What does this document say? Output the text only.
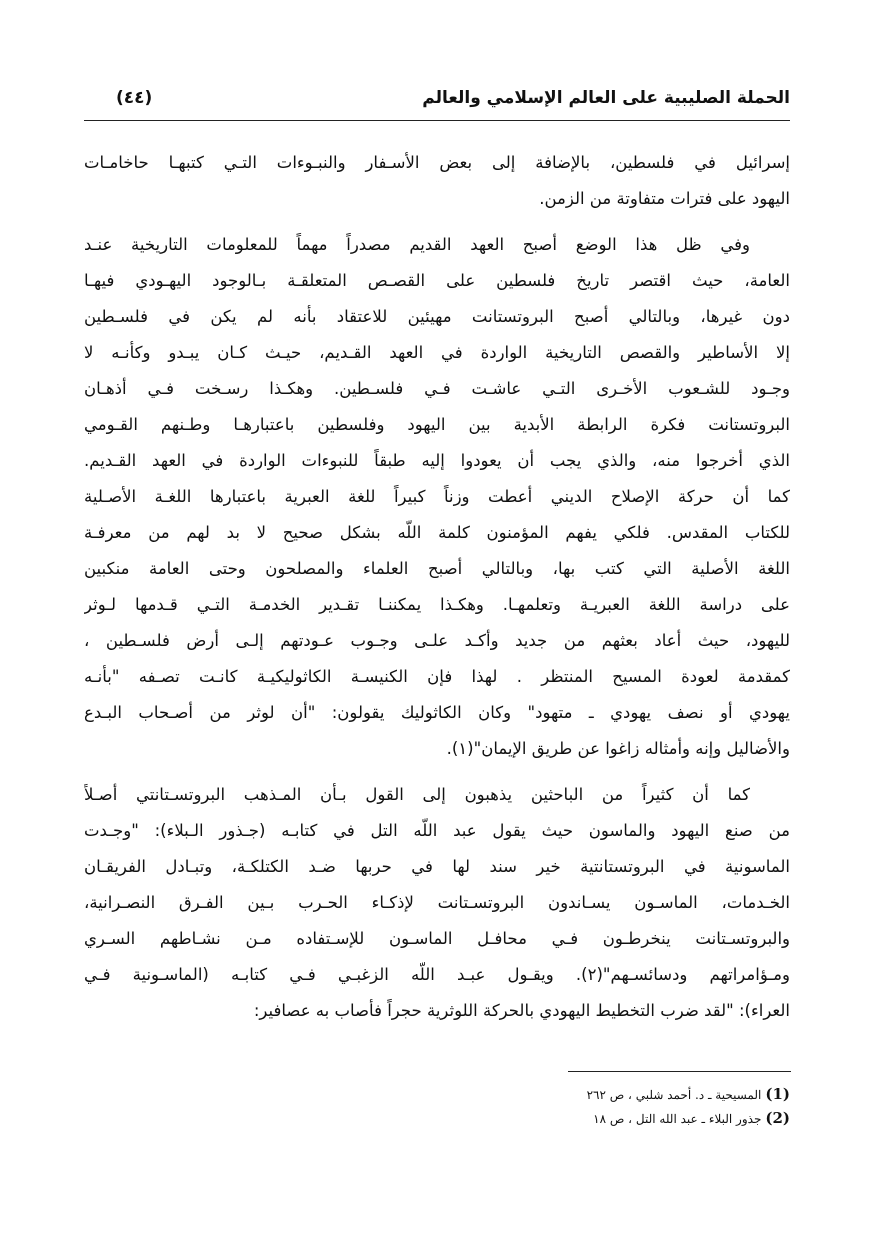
الحملة الصليبية على العالم الإسلامي والعالم
(٤٤)
إسرائيل في فلسطين، بالإضافة إلى بعض الأسـفار والنبـوءات التـي كتبهـا حاخامـات
اليهود على فترات متفاوتة من الزمن.
وفي ظل هذا الوضع أصبح العهد القديم مصدراً مهماً للمعلومات التاريخية عنـد
العامة، حيث اقتصر تاريخ فلسطين على القصـص المتعلقـة بـالوجود اليهـودي فيهـا
دون غيرها، وبالتالي أصبح البروتستانت مهيئين للاعتقاد بأنه لم يكن في فلسـطين
إلا الأساطير والقصص التاريخية الواردة في العهد القـديم، حيـث كـان يبـدو وكأنـه لا
وجـود للشـعوب الأخـرى التـي عاشـت فـي فلسـطين. وهكـذا رسـخت فـي أذهـان
البروتستانت فكرة الرابطة الأبدية بين اليهود وفلسطين باعتبارهـا وطـنهم القـومي
الذي أخرجوا منه، والذي يجب أن يعودوا إليه طبقاً للنبوءات الواردة في العهد القـديم.
كما أن حركة الإصلاح الديني أعطت وزناً كبيراً للغة العبرية باعتبارها اللغـة الأصـلية
للكتاب المقدس. فلكي يفهم المؤمنون كلمة اللّه بشكل صحيح لا بد لهم من معرفـة
اللغة الأصلية التي كتب بها، وبالتالي أصبح العلماء والمصلحون وحتى العامة منكبين
على دراسة اللغة العبريـة وتعلمهـا. وهكـذا يمكننـا تقـدير الخدمـة التـي قـدمها لـوثر
لليهود، حيث أعاد بعثهم من جديد وأكـد علـى وجـوب عـودتهم إلـى أرض فلسـطين ،
كمقدمة لعودة المسيح المنتظر . لهذا فإن الكنيسـة الكاثوليكيـة كانـت تصـفه "بأنـه
يهودي أو نصف يهودي ـ متهود" وكان الكاثوليك يقولون: "أن لوثر من أصـحاب البـدع
والأضاليل وإنه وأمثاله زاغوا عن طريق الإيمان"(١).
كما أن كثيراً من الباحثين يذهبون إلى القول بـأن المـذهب البروتسـتانتي أصـلاً
من صنع اليهود والماسون حيث يقول عبد اللّه التل في كتابـه (جـذور الـبلاء): "وجـدت
الماسونية في البروتستانتية خير سند لها في حربها ضـد الكتلكـة، وتبـادل الفريقـان
الخـدمات، الماسـون يسـاندون البروتسـتانت لإذكـاء الحـرب بـين الفـرق النصـرانية،
والبروتسـتانت ينخرطـون فـي محافـل الماسـون للإسـتفاده مـن نشـاطهم السـري
ومـؤامراتهم ودسائسـهم"(٢). ويقـول عبـد اللّه الزغبـي فـي كتابـه (الماسـونية فـي
العراء): "لقد ضرب التخطيط اليهودي بالحركة اللوثرية حجراً فأصاب به عصافير:
(1)المسيحية ـ د. أحمد شلبي ، ص ٢٦٢
(2)جذور البلاء ـ عبد الله التل ، ص ١٨
